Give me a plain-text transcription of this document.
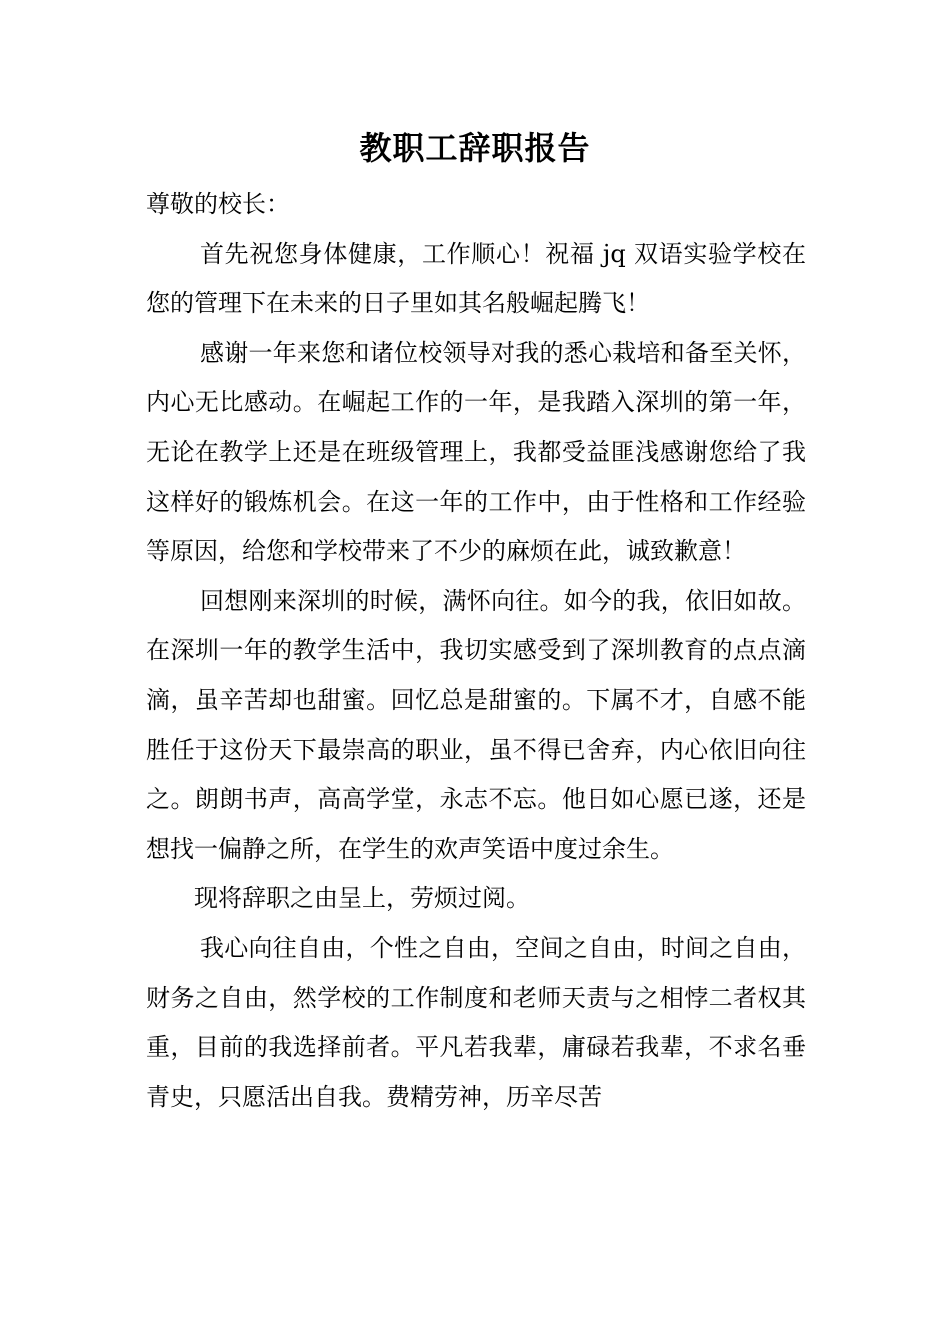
教职工辞职报告

尊敬的校长：

首先祝您身体健康，工作顺心！祝福 jq 双语实验学校在您的管理下在未来的日子里如其名般崛起腾飞！

感谢一年来您和诸位校领导对我的悉心栽培和备至关怀，内心无比感动。在崛起工作的一年，是我踏入深圳的第一年，无论在教学上还是在班级管理上，我都受益匪浅感谢您给了我这样好的锻炼机会。在这一年的工作中，由于性格和工作经验等原因，给您和学校带来了不少的麻烦在此，诚致歉意！

回想刚来深圳的时候，满怀向往。如今的我，依旧如故。在深圳一年的教学生活中，我切实感受到了深圳教育的点点滴滴，虽辛苦却也甜蜜。回忆总是甜蜜的。下属不才，自感不能胜任于这份天下最崇高的职业，虽不得已舍弃，内心依旧向往之。朗朗书声，高高学堂，永志不忘。他日如心愿已遂，还是想找一偏静之所，在学生的欢声笑语中度过余生。

现将辞职之由呈上，劳烦过阅。

我心向往自由，个性之自由，空间之自由，时间之自由，财务之自由，然学校的工作制度和老师天责与之相悖二者权其重，目前的我选择前者。平凡若我辈，庸碌若我辈，不求名垂青史，只愿活出自我。费精劳神，历辛尽苦
